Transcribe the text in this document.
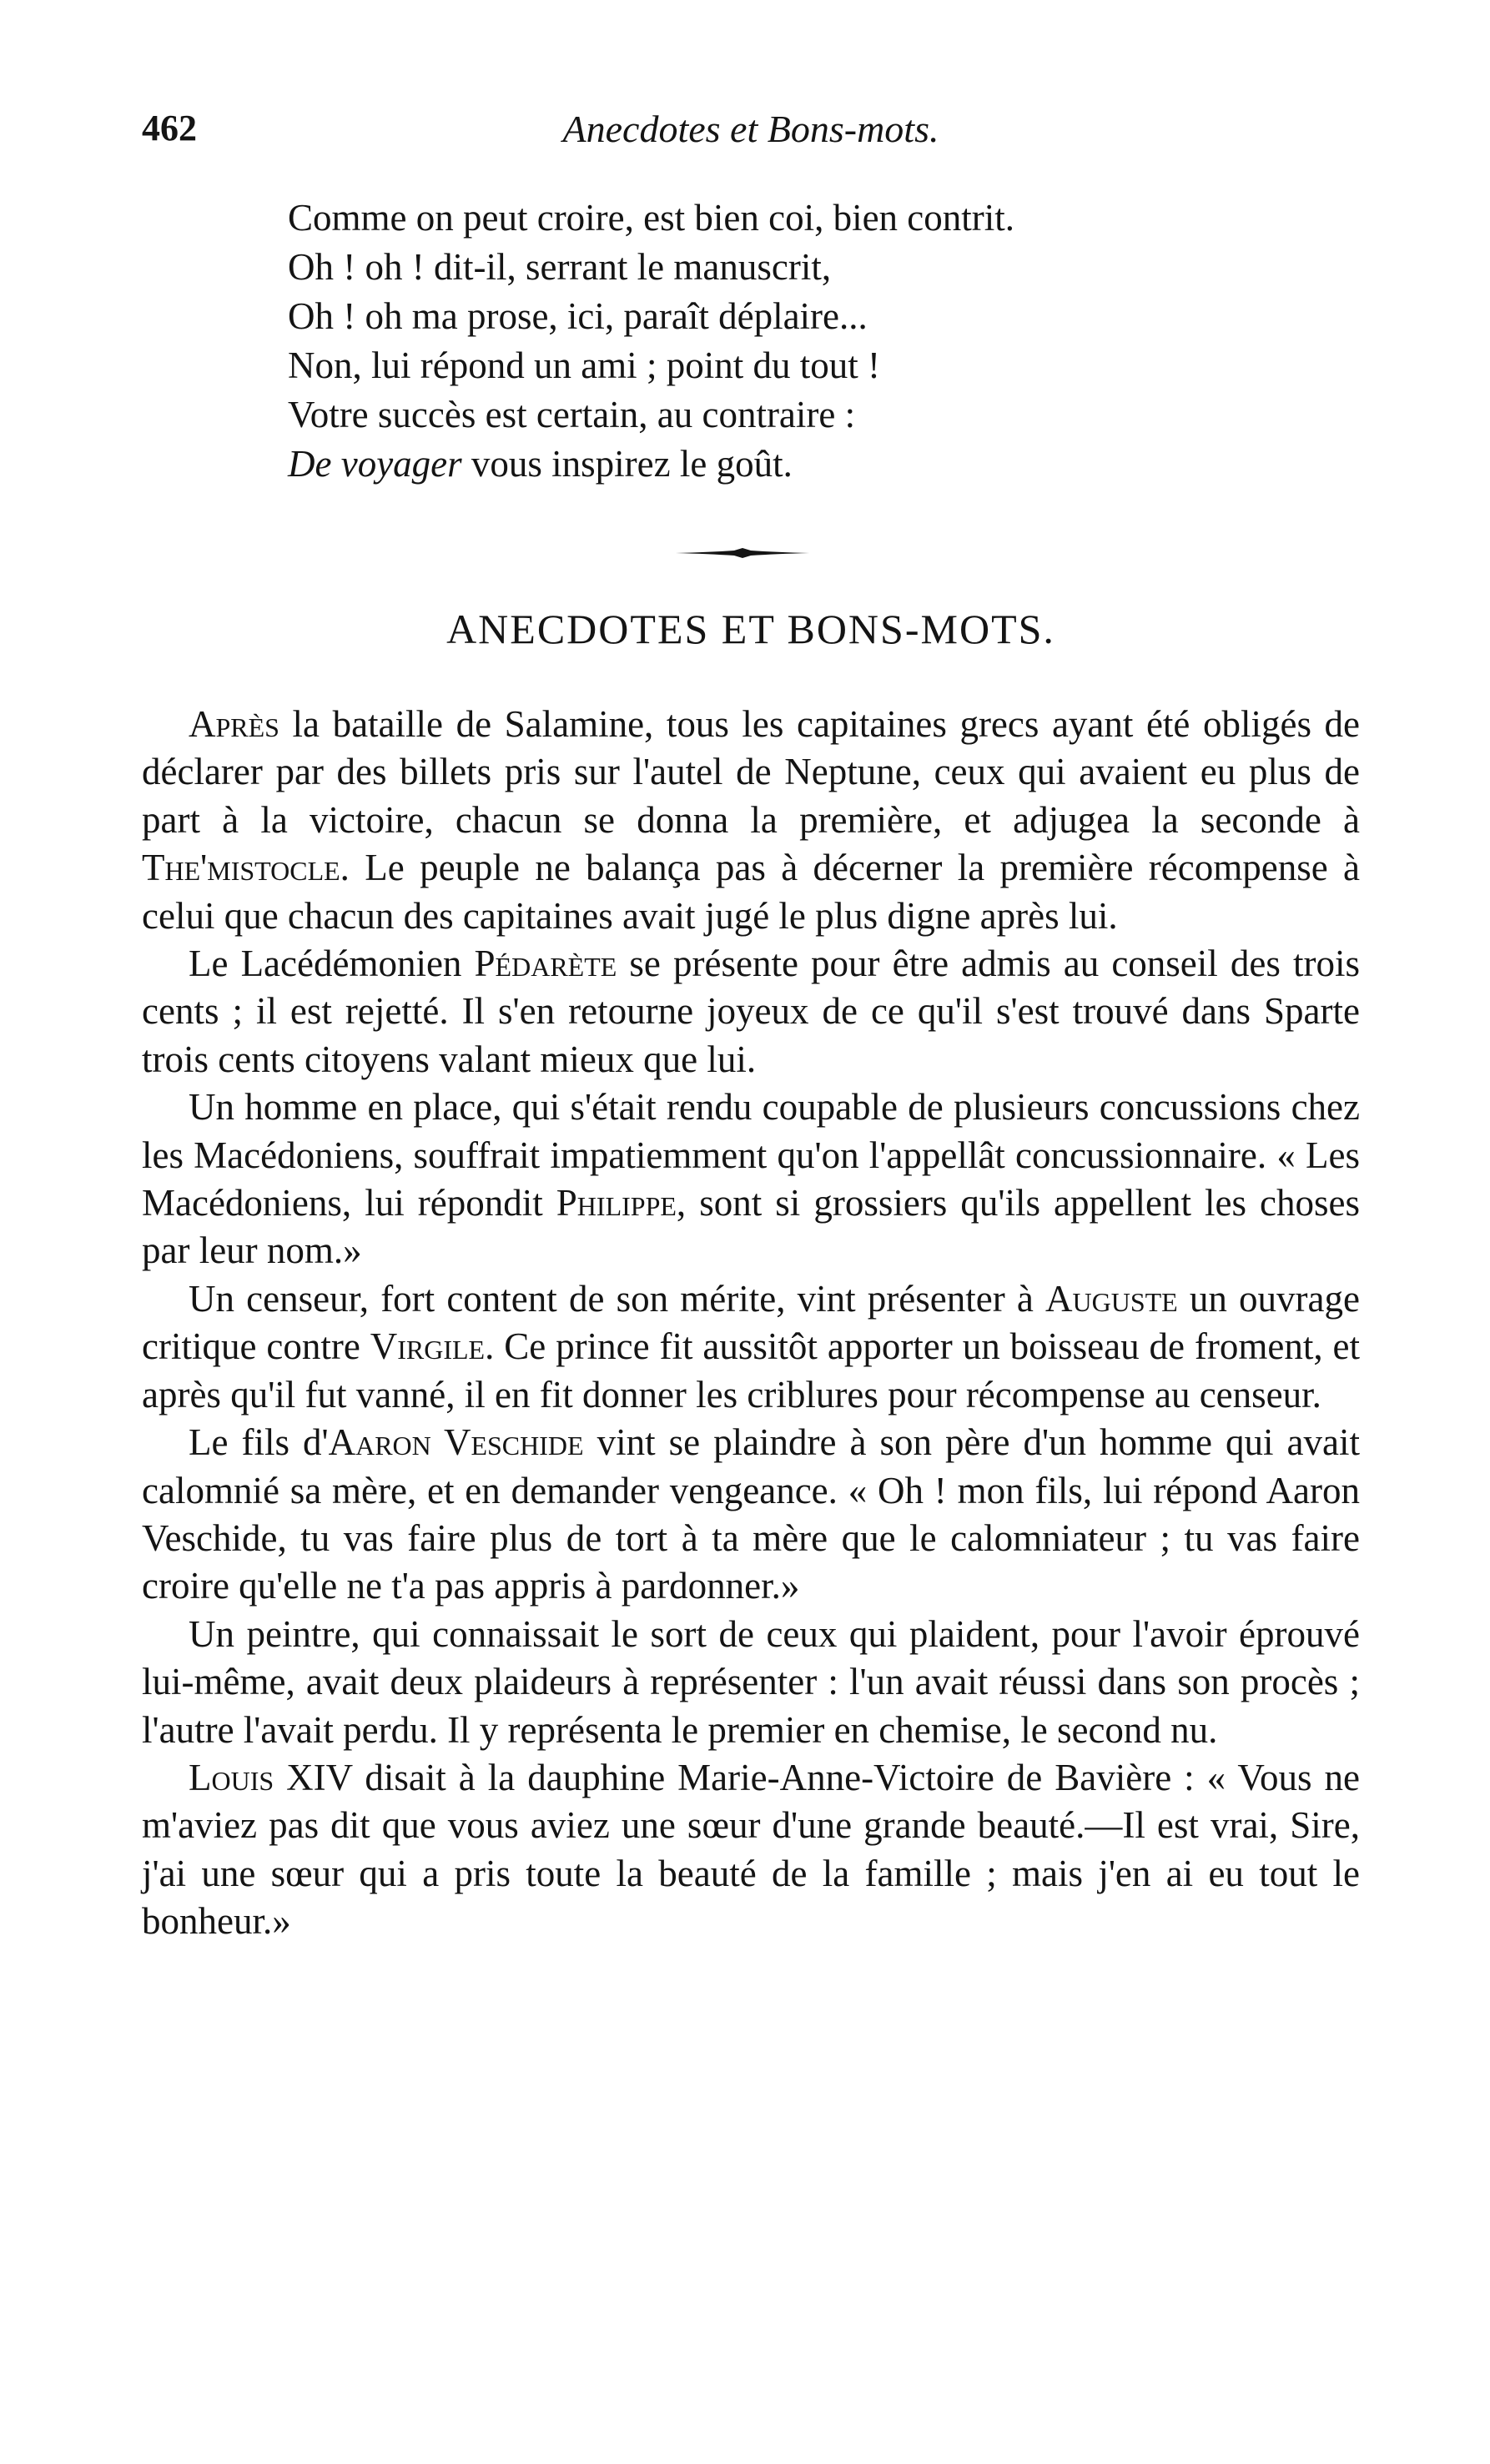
462	Anecdotes et Bons-mots.
Comme on peut croire, est bien coi, bien contrit.
Oh ! oh ! dit-il, serrant le manuscrit,
Oh ! oh ma prose, ici, paraît déplaire...
Non, lui répond un ami ; point du tout !
Votre succès est certain, au contraire :
De voyager vous inspirez le goût.
ANECDOTES ET BONS-MOTS.

Après la bataille de Salamine, tous les capitaines grecs ayant été obligés de déclarer par des billets pris sur l'autel de Neptune, ceux qui avaient eu plus de part à la victoire, chacun se donna la première, et adjugea la seconde à The'mistocle. Le peuple ne balança pas à décerner la première récompense à celui que chacun des capitaines avait jugé le plus digne après lui.

Le Lacédémonien Pédarète se présente pour être admis au conseil des trois cents ; il est rejetté. Il s'en retourne joyeux de ce qu'il s'est trouvé dans Sparte trois cents citoyens valant mieux que lui.

Un homme en place, qui s'était rendu coupable de plusieurs concussions chez les Macédoniens, souffrait impatiemment qu'on l'appellât concussionnaire. « Les Macédoniens, lui répondit Philippe, sont si grossiers qu'ils appellent les choses par leur nom.»

Un censeur, fort content de son mérite, vint présenter à Auguste un ouvrage critique contre Virgile. Ce prince fit aussitôt apporter un boisseau de froment, et après qu'il fut vanné, il en fit donner les criblures pour récompense au censeur.

Le fils d'Aaron Veschide vint se plaindre à son père d'un homme qui avait calomnié sa mère, et en demander vengeance. « Oh ! mon fils, lui répond Aaron Veschide, tu vas faire plus de tort à ta mère que le calomniateur ; tu vas faire croire qu'elle ne t'a pas appris à pardonner.»

Un peintre, qui connaissait le sort de ceux qui plaident, pour l'avoir éprouvé lui-même, avait deux plaideurs à représenter : l'un avait réussi dans son procès ; l'autre l'avait perdu. Il y représenta le premier en chemise, le second nu.

Louis XIV disait à la dauphine Marie-Anne-Victoire de Bavière : « Vous ne m'aviez pas dit que vous aviez une sœur d'une grande beauté.—Il est vrai, Sire, j'ai une sœur qui a pris toute la beauté de la famille ; mais j'en ai eu tout le bonheur.»
